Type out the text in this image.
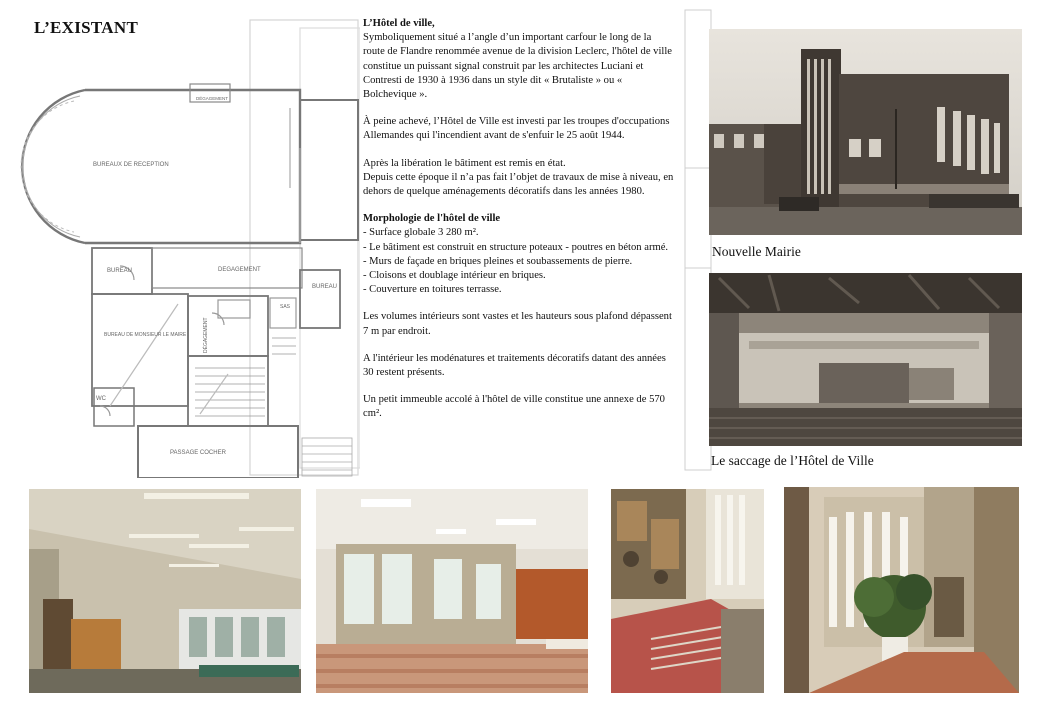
L’EXISTANT
BUREAUX DE RECEPTION
DÉGAGEMENT
BUREAU	DEGAGEMENT
BUREAU
BUREAU DE MONSIEUR LE MAIRE
SAS
WC
PASSAGE COCHER
DÉGAGEMENT

L’Hôtel de ville,
Symboliquement situé a l’angle d’un important carfour le long de la route de Flandre renommée avenue de la division Leclerc, l'hôtel de ville constitue un puissant signal construit par les architectes Luciani et Contresti de 1930 à 1936 dans un style dit « Brutaliste » ou « Bolchevique ».

À peine achevé, l’Hôtel de Ville est investi par les troupes d'occupations Allemandes qui l'incendient avant de s'enfuir le 25 août 1944.

Après la libération le bâtiment est remis en état.
Depuis cette époque il n’a pas fait l’objet de travaux de mise à niveau, en dehors de quelque aménagements décoratifs dans les années 1980.

Morphologie de l'hôtel de ville
- Surface globale 3 280 m².
- Le bâtiment est construit en structure poteaux - poutres en béton armé.
- Murs de façade en briques pleines et soubassements de pierre.
- Cloisons et doublage intérieur en briques.
- Couverture en toitures terrasse.

Les volumes intérieurs sont vastes et les hauteurs sous plafond dépassent 7 m par endroit.

A l'intérieur les modénatures et traitements décoratifs datant des années 30 restent présents.

Un petit immeuble accolé à l'hôtel de ville constitue une annexe de 570 cm².

Nouvelle Mairie
Le saccage de l’Hôtel de Ville
